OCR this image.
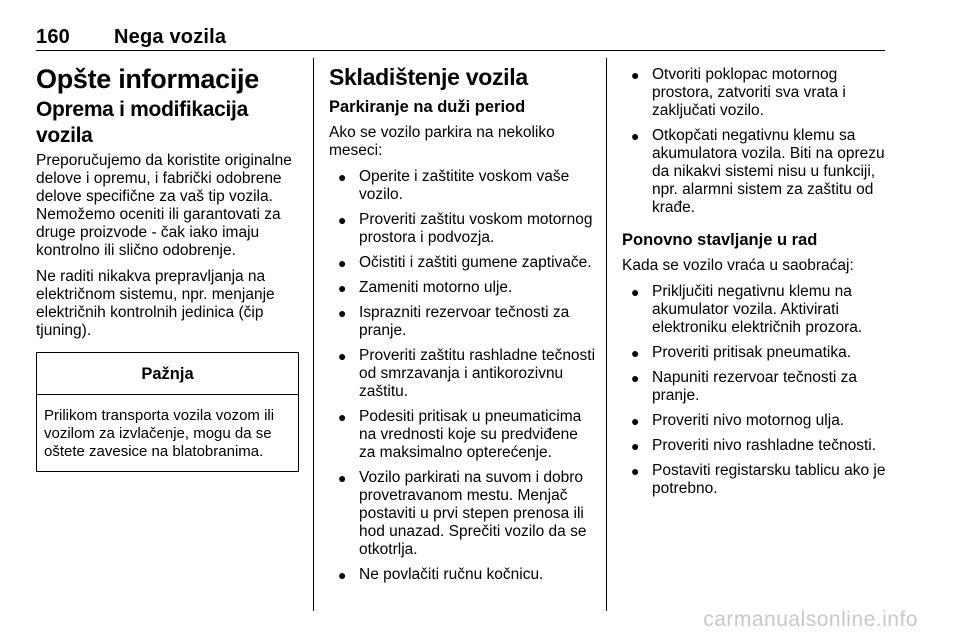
160 Nega vozila
Opšte informacije
Oprema i modifikacija vozila

Preporučujemo da koristite originalne delove i opremu, i fabrički odobrene delove specifične za vaš tip vozila. Nemožemo oceniti ili garantovati za druge proizvode - čak iako imaju kontrolno ili slično odobrenje.

Ne raditi nikakva prepravljanja na električnom sistemu, npr. menjanje električnih kontrolnih jedinica (čip tjuning).

Pažnja
Prilikom transporta vozila vozom ili vozilom za izvlačenje, mogu da se oštete zavesice na blatobranima.
Skladištenje vozila
Parkiranje na duži period

Ako se vozilo parkira na nekoliko meseci:

● Operite i zaštitite voskom vaše vozilo.
● Proveriti zaštitu voskom motornog prostora i podvozja.
● Očistiti i zaštiti gumene zaptivače.
● Zameniti motorno ulje.
● Isprazniti rezervoar tečnosti za pranje.
● Proveriti zaštitu rashladne tečnosti od smrzavanja i antikorozivnu zaštitu.
● Podesiti pritisak u pneumaticima na vrednosti koje su predviđene za maksimalno opterećenje.
● Vozilo parkirati na suvom i dobro provetravanom mestu. Menjač postaviti u prvi stepen prenosa ili hod unazad. Sprečiti vozilo da se otkotrlja.
● Ne povlačiti ručnu kočnicu.
● Otvoriti poklopac motornog prostora, zatvoriti sva vrata i zaključati vozilo.
● Otkopčati negativnu klemu sa akumulatora vozila. Biti na oprezu da nikakvi sistemi nisu u funkciji, npr. alarmni sistem za zaštitu od krađe.
Ponovno stavljanje u rad

Kada se vozilo vraća u saobraćaj:

● Priključiti negativnu klemu na akumulator vozila. Aktivirati elektroniku električnih prozora.
● Proveriti pritisak pneumatika.
● Napuniti rezervoar tečnosti za pranje.
● Proveriti nivo motornog ulja.
● Proveriti nivo rashladne tečnosti.
● Postaviti registarsku tablicu ako je potrebno.
carmanualsonline.info
